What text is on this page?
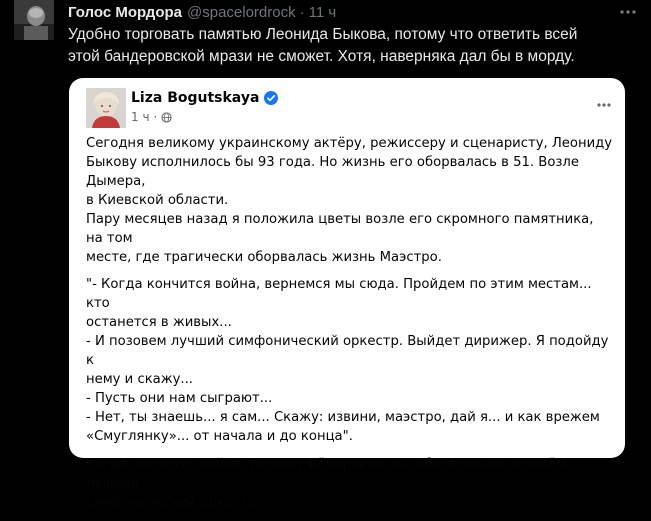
Голос Мордора @spacelordrock · 11 ч
Удобно торговать памятью Леонида Быкова, потому что ответить всей
этой бандеровской мрази не сможет. Хотя, наверняка дал бы в морду.
Liza Bogutskaya
1 ч ·

Сегодня великому украинскому актёру, режиссеру и сценаристу, Леониду
Быкову исполнилось бы 93 года. Но жизнь его оборвалась в 51. Возле Дымера,
в Киевской области.
Пару месяцев назад я положила цветы возле его скромного памятника, на том
месте, где трагически оборвалась жизнь Маэстро.

"- Когда кончится война, вернемся мы сюда. Пройдем по этим местам... кто
останется в живых...
- И позовем лучший симфонический оркестр. Выйдет дирижер. Я подойду к
нему и скажу...
- Пусть они нам сыграют...
- Нет, ты знаешь... я сам... Скажу: извини, маэстро, дай я... и как врежем
«Смуглянку»... от начала и до конца".

Когда кончится война, Леонид Фёдорович, мы обязательно позовём лучший
симфонический оркестр...
